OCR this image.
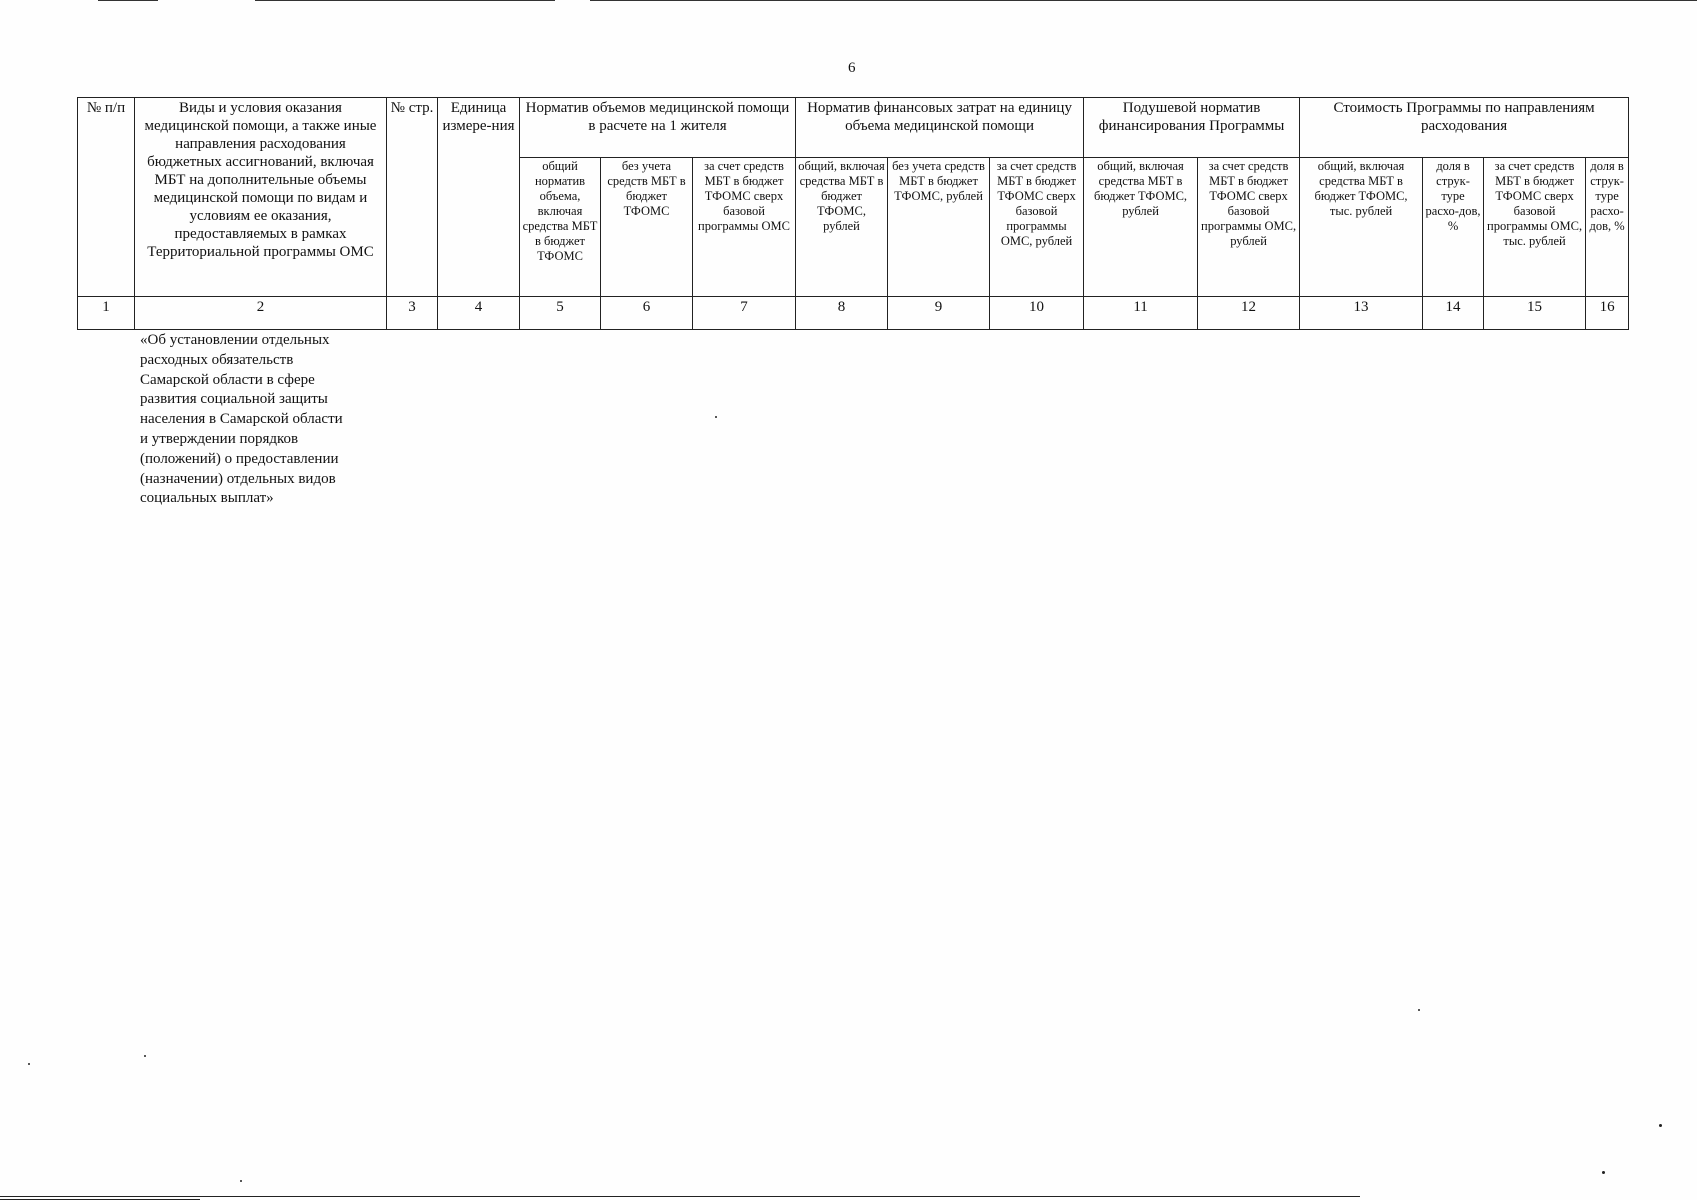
6
№ п/п	Виды и условия оказания медицинской помощи, а также иные направления расходования бюджетных ассигнований, включая МБТ на дополнительные объемы медицинской помощи по видам и условиям ее оказания, предоставляемых в рамках Территориальной программы ОМС	№ стр.	Единица измере-ния	Норматив объемов медицинской помощи в расчете на 1 жителя			Норматив финансовых затрат на единицу объема медицинской помощи			Подушевой норматив финансирования Программы		Стоимость Программы по направлениям расходования			
				общий норматив объема, включая средства МБТ в бюджет ТФОМС	без учета средств МБТ в бюджет ТФОМС	за счет средств МБТ в бюджет ТФОМС сверх базовой программы ОМС	общий, включая средства МБТ в бюджет ТФОМС, рублей	без учета средств МБТ в бюджет ТФОМС, рублей	за счет средств МБТ в бюджет ТФОМС сверх базовой программы ОМС, рублей	общий, включая средства МБТ в бюджет ТФОМС, рублей	за счет средств МБТ в бюджет ТФОМС сверх базовой программы ОМС, рублей	общий, включая средства МБТ в бюджет ТФОМС, тыс. рублей	доля в струк-туре расхо-дов, %	за счет средств МБТ в бюджет ТФОМС сверх базовой программы ОМС, тыс. рублей	доля в струк-туре расхо-дов, %
1	2	3	4	5	6	7	8	9	10	11	12	13	14	15	16
«Об установлении отдельных
расходных обязательств
Самарской области в сфере
развития социальной защиты
населения в Самарской области
и утверждении порядков
(положений) о предоставлении
(назначении) отдельных видов
социальных выплат»
